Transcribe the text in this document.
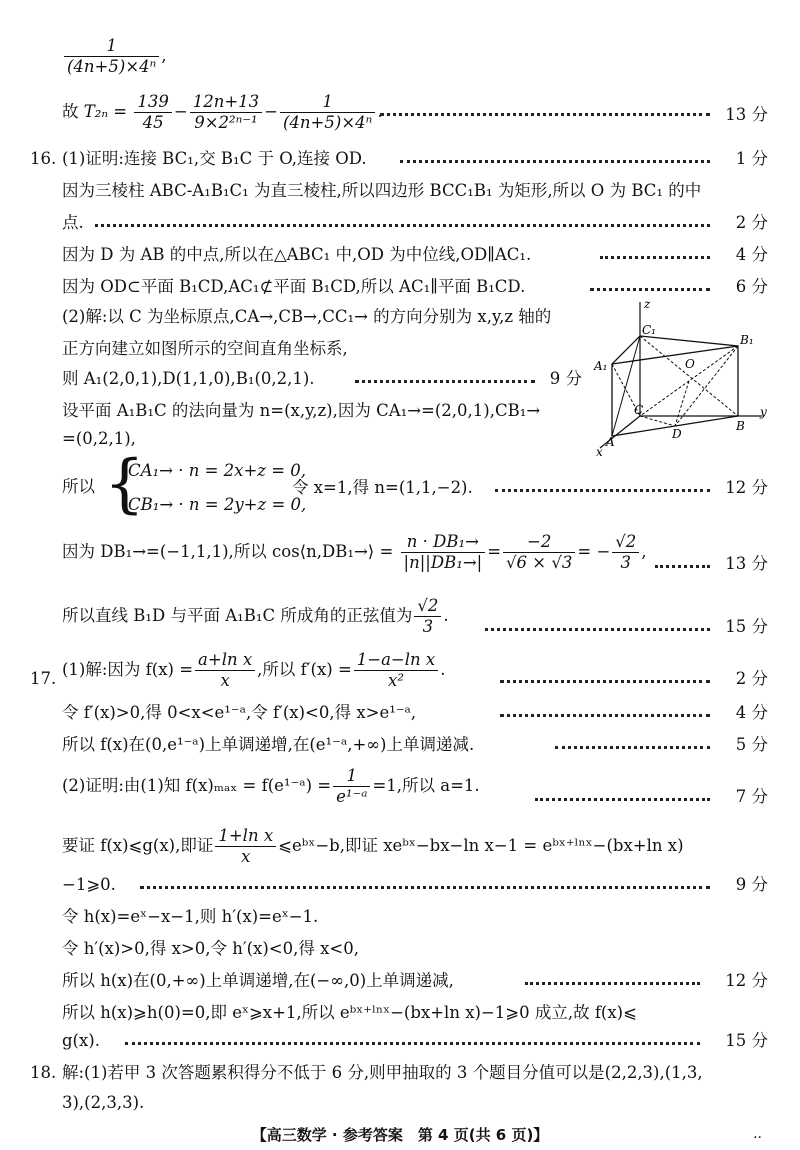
$\frac{1}{\text{(4n+5)×4ⁿ}}$ ,
故 $T_{2n} = \frac{139}{45} - \frac{12n+13}{\text{9×2²ⁿ⁻¹}} - \frac{1}{\text{(4n+5)×4ⁿ}}$ .	13 分
16. (1)证明:连接 BC₁,交 B₁C 于 O,连接 OD.	1 分
因为三棱柱 ABC-A₁B₁C₁ 为直三棱柱,所以四边形 BCC₁B₁ 为矩形,所以 O 为 BC₁ 的中
点.	2 分
因为 D 为 AB 的中点,所以在△ABC₁ 中,OD 为中位线,OD∥AC₁.	4 分
因为 OD⊂平面 B₁CD,AC₁⊄平面 B₁CD,所以 AC₁∥平面 B₁CD.	6 分
(2)解:以 C 为坐标原点,CA→,CB→,CC₁→ 的方向分别为 x,y,z 轴的
正方向建立如图所示的空间直角坐标系,
则 A₁(2,0,1),D(1,1,0),B₁(0,2,1).	9 分
设平面 A₁B₁C 的法向量为 n=(x,y,z),因为 CA₁→=(2,0,1),CB₁→
=(0,2,1),
所以 {
CA₁→ · n = 2x+z = 0,
CB₁→ · n = 2y+z = 0,
令 x=1,得 n=(1,1,−2).	12 分
因为 DB₁→=(−1,1,1),所以 cos⟨n,DB₁→⟩ = $\frac{\text{n · DB₁→}}{\text{|n||DB₁→|}} = \frac{-2}{√6 \times √3}$ = − $\frac{√2}{3}$ ,
13 分
所以直线 B₁D 与平面 A₁B₁C 所成角的正弦值为 $\frac{√2}{3}$ .
15 分
17. (1)解:因为 $f(x) = \frac{\text{a+ln x}}{x}$ ,所以 $f'(x) = \frac{\text{1−a−ln x}}{\text{x²}}$ .	2 分
令 f′(x)>0,得 0<x<e¹⁻ᵃ,令 f′(x)<0,得 x>e¹⁻ᵃ,	4 分
所以 f(x)在(0,e¹⁻ᵃ)上单调递增,在(e¹⁻ᵃ,+∞)上单调递减.	5 分
(2)证明:由(1)知 f(x)ₘₐₓ = f(e¹⁻ᵃ) = $\frac{1}{\text{e¹⁻ᵃ}} =1$,所以 a=1.
7 分
要证 f(x)⩽g(x),即证 $\frac{\text{1+ln x}}{x}$ ⩽eᵇˣ−b,即证 xeᵇˣ−bx−ln x−1 = eᵇˣ⁺ˡⁿˣ−(bx+ln x)
−1⩾0.	9 分
令 h(x)=eˣ−x−1,则 h′(x)=eˣ−1.
令 h′(x)>0,得 x>0,令 h′(x)<0,得 x<0,
所以 h(x)在(0,+∞)上单调递增,在(−∞,0)上单调递减,	12 分
所以 h(x)⩾h(0)=0,即 eˣ⩾x+1,所以 eᵇˣ⁺ˡⁿˣ−(bx+ln x)−1⩾0 成立,故 f(x)⩽
g(x).	15 分
18. 解:(1)若甲 3 次答题累积得分不低于 6 分,则甲抽取的 3 个题目分值可以是(2,2,3),(1,3,
3),(2,3,3).
z
C₁
B₁
A₁	O
C
B
y
D
A
x
【高三数学 · 参考答案　第 4 页(共 6 页)】	..
